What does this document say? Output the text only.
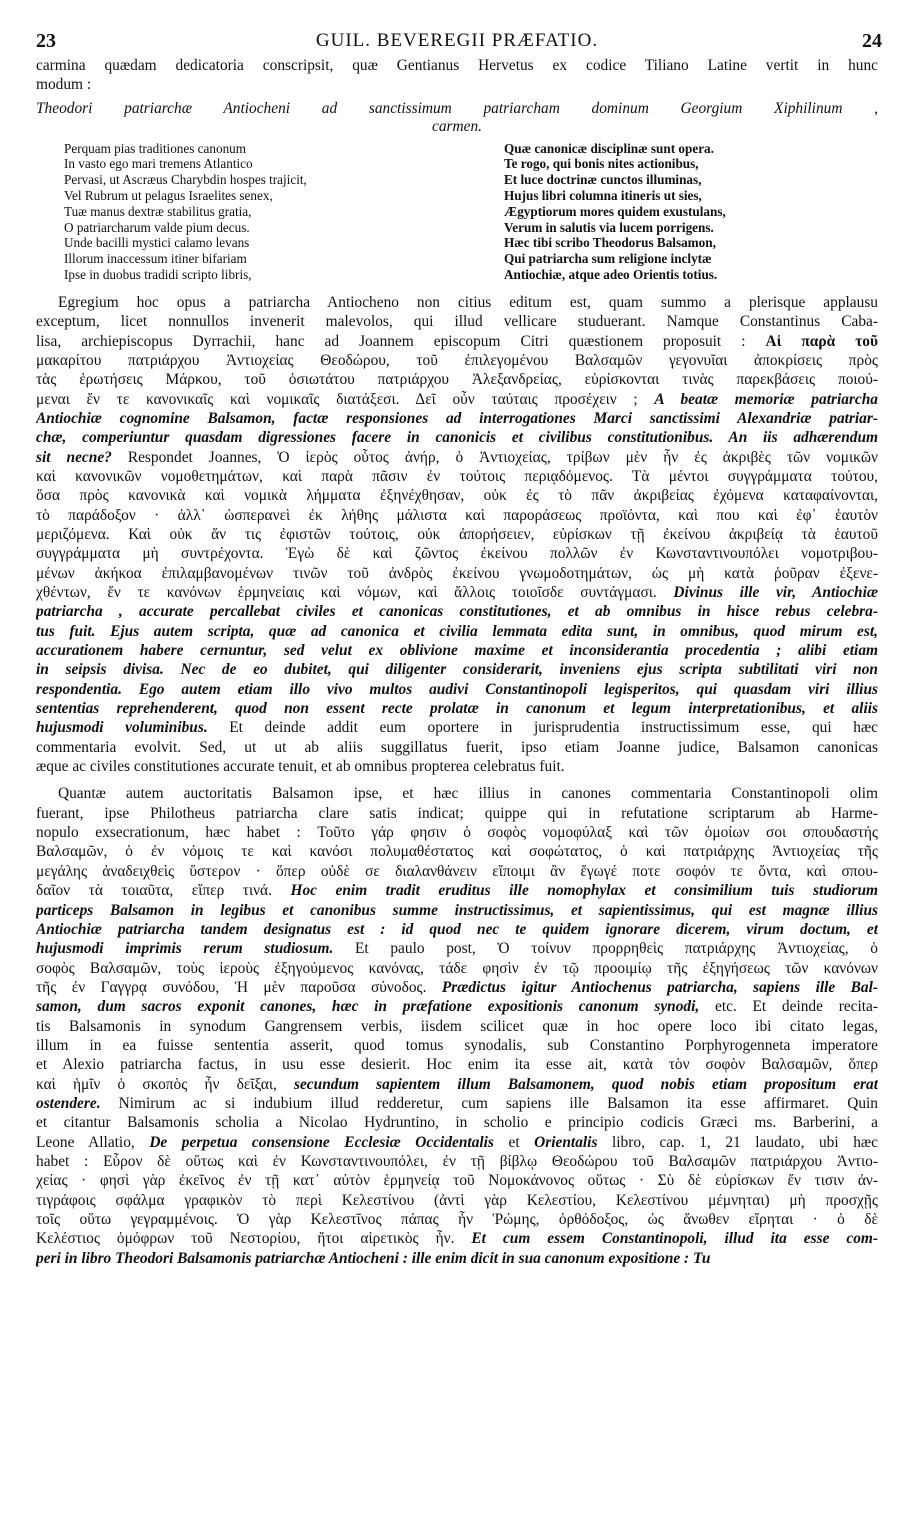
23	GUIL. BEVEREGII PRÆFATIO.	24
carmina quædam dedicatoria conscripsit, quæ Gentianus Hervetus ex codice Tiliano Latine vertit in hunc
modum :
Theodori patriarchæ Antiocheni ad sanctissimum patriarcham dominum Georgium Xiphilinum ,
carmen.
Perquam pias traditiones canonum
In vasto ego mari tremens Atlantico
Pervasi, ut Ascræus Charybdin hospes trajicit,
Vel Rubrum ut pelagus Israelites senex,
Tuæ manus dextræ stabilitus gratia,
O patriarcharum valde pium decus.
Unde bacilli mystici calamo levans
Illorum inaccessum itiner bifariam
Ipse in duobus tradidi scripto libris,
Quæ canonicæ disciplinæ sunt opera.
Te rogo, qui bonis nites actionibus,
Et luce doctrinæ cunctos illuminas,
Hujus libri columna itineris ut sies,
Ægyptiorum mores quidem exustulans,
Verum in salutis via lucem porrigens.
Hæc tibi scribo Theodorus Balsamon,
Qui patriarcha sum religione inclytæ
Antiochiæ, atque adeo Orientis totius.
Egregium hoc opus a patriarcha Antiocheno non citius editum est, quam summo a plerisque applausu
exceptum, licet nonnullos invenerit malevolos, qui illud vellicare studuerant. Namque Constantinus Caba-
lisa, archiepiscopus Dyrrachii, hanc ad Joannem episcopum Citri quæstionem proposuit : Αἱ παρὰ τοῦ
μακαρίτου πατριάρχου Ἀντιοχείας Θεοδώρου, τοῦ ἐπιλεγομένου Βαλσαμῶν γεγονυῖαι ἀποκρίσεις πρὸς
τὰς ἐρωτήσεις Μάρκου, τοῦ ὁσιωτάτου πατριάρχου Ἀλεξανδρείας, εὑρίσκονται τινὰς παρεκβάσεις ποιού-
μεναι ἔν τε κανονικαῖς καὶ νομικαῖς διατάξεσι. Δεῖ οὖν ταύταις προσέχειν ; A beatæ memoriæ patriarcha
Antiochiæ cognomine Balsamon, factæ responsiones ad interrogationes Marci sanctissimi Alexandriæ patriar-
chæ, comperiuntur quasdam digressiones facere in canonicis et civilibus constitutionibus. An iis adhærendum
sit necne? Respondet Joannes, Ὁ ἱερὸς οὗτος ἀνήρ, ὁ Ἀντιοχείας, τρίβων μὲν ἦν ἐς ἀκριβὲς τῶν νομικῶν
καὶ κανονικῶν νομοθετημάτων, καὶ παρὰ πᾶσιν ἐν τούτοις περιᾳδόμενος. Τὰ μέντοι συγγράμματα τούτου,
ὅσα πρὸς κανονικὰ καὶ νομικὰ λήμματα ἐξηνέχθησαν, οὐκ ἐς τὸ πᾶν ἀκριβείας ἐχόμενα καταφαίνονται,
τὸ παράδοξον · ἀλλ᾽ ὡσπερανεὶ ἐκ λήθης μάλιστα καὶ παροράσεως προϊόντα, καὶ που καὶ ἐφ᾽ ἑαυτὸν
μεριζόμενα. Καὶ οὐκ ἄν τις ἐφιστῶν τούτοις, οὐκ ἀπορήσειεν, εὑρίσκων τῇ ἐκείνου ἀκριβείᾳ τὰ ἑαυτοῦ
συγγράμματα μὴ συντρέχοντα. Ἐγὼ δὲ καὶ ζῶντος ἐκείνου πολλῶν ἐν Κωνσταντινουπόλει νομοτριβου-
μένων ἀκήκοα ἐπιλαμβανομένων τινῶν τοῦ ἀνδρὸς ἐκείνου γνωμοδοτημάτων, ὡς μὴ κατὰ ῥοῦραν ἐξενε-
χθέντων, ἔν τε κανόνων ἑρμηνείαις καὶ νόμων, καὶ ἄλλοις τοιοῖσδε συντάγμασι. Divinus ille vir, Antiochiæ
patriarcha , accurate percallebat civiles et canonicas constitutiones, et ab omnibus in hisce rebus celebra-
tus fuit. Ejus autem scripta, quæ ad canonica et civilia lemmata edita sunt, in omnibus, quod mirum est,
accurationem habere cernuntur, sed velut ex oblivione maxime et inconsiderantia procedentia ; alibi etiam
in seipsis divisa. Nec de eo dubitet, qui diligenter considerarit, inveniens ejus scripta subtilitati viri non
respondentia. Ego autem etiam illo vivo multos audivi Constantinopoli legisperitos, qui quasdam viri illius
sententias reprehenderent, quod non essent recte prolatæ in canonum et legum interpretationibus, et aliis
hujusmodi voluminibus. Et deinde addit eum oportere in jurisprudentia instructissimum esse, qui hæc
commentaria evolvit. Sed, ut ut ab aliis suggillatus fuerit, ipso etiam Joanne judice, Balsamon canonicas
æque ac civiles constitutiones accurate tenuit, et ab omnibus propterea celebratus fuit.
Quantæ autem auctoritatis Balsamon ipse, et hæc illius in canones commentaria Constantinopoli olim
fuerant, ipse Philotheus patriarcha clare satis indicat; quippe qui in refutatione scriptarum ab Harme-
nopulo exsecrationum, hæc habet : Τοῦτο γάρ φησιν ὁ σοφὸς νομοφύλαξ καὶ τῶν ὁμοίων σοι σπουδαστής
Βαλσαμῶν, ὁ ἐν νόμοις τε καὶ κανόσι πολυμαθέστατος καὶ σοφώτατος, ὁ καὶ πατριάρχης Ἀντιοχείας τῆς
μεγάλης ἀναδειχθεὶς ὕστερον · ὅπερ οὐδὲ σε διαλανθάνειν εἴποιμι ἂν ἔγωγέ ποτε σοφόν τε ὄντα, καὶ σπου-
δαῖον τὰ τοιαῦτα, εἴπερ τινά. Hoc enim tradit eruditus ille nomophylax et consimilium tuis studiorum
particeps Balsamon in legibus et canonibus summe instructissimus, et sapientissimus, qui est magnæ illius
Antiochiæ patriarcha tandem designatus est : id quod nec te quidem ignorare dicerem, virum doctum, et
hujusmodi imprimis rerum studiosum. Et paulo post, Ὁ τοίνυν προρρηθεὶς πατριάρχης Ἀντιοχείας, ὁ
σοφὸς Βαλσαμῶν, τοὺς ἱεροὺς ἐξηγούμενος κανόνας, τάδε φησὶν ἐν τῷ προοιμίῳ τῆς ἐξηγήσεως τῶν κανόνων
τῆς ἐν Γαγγρᾳ συνόδου, Ἡ μὲν παροῦσα σύνοδος. Prædictus igitur Antiochenus patriarcha, sapiens ille Bal-
samon, dum sacros exponit canones, hæc in præfatione expositionis canonum synodi, etc. Et deinde recita-
tis Balsamonis in synodum Gangrensem verbis, iisdem scilicet quæ in hoc opere loco ibi citato legas,
illum in ea fuisse sententia asserit, quod tomus synodalis, sub Constantino Porphyrogenneta imperatore
et Alexio patriarcha factus, in usu esse desierit. Hoc enim ita esse ait, κατὰ τὸν σοφὸν Βαλσαμῶν, ὅπερ
καὶ ἡμῖν ὁ σκοπὸς ἦν δεῖξαι, secundum sapientem illum Balsamonem, quod nobis etiam propositum erat
ostendere. Nimirum ac si indubium illud redderetur, cum sapiens ille Balsamon ita esse affirmaret. Quin
et citantur Balsamonis scholia a Nicolao Hydruntino, in scholio e principio codicis Græci ms. Barberini, a
Leone Allatio, De perpetua consensione Ecclesiæ Occidentalis et Orientalis libro, cap. 1, 21 laudato, ubi hæc
habet : Εὗρον δὲ οὕτως καὶ ἐν Κωνσταντινουπόλει, ἐν τῇ βίβλῳ Θεοδώρου τοῦ Βαλσαμῶν πατριάρχου Ἀντιο-
χείας · φησὶ γὰρ ἐκεῖνος ἐν τῇ κατ᾽ αὐτὸν ἑρμηνείᾳ τοῦ Νομοκάνονος οὕτως · Σὺ δὲ εὑρίσκων ἔν τισιν ἀν-
τιγράφοις σφάλμα γραφικὸν τὸ περὶ Κελεστίνου (ἀντὶ γὰρ Κελεστίου, Κελεστίνου μέμνηται) μὴ προσχῇς
τοῖς οὕτω γεγραμμένοις. Ὁ γὰρ Κελεστῖνος πάπας ἦν Ῥώμης, ὀρθόδοξος, ὡς ἄνωθεν εἴρηται · ὁ δὲ
Κελέστιος ὁμόφρων τοῦ Νεστορίου, ἤτοι αἱρετικὸς ἦν. Et cum essem Constantinopoli, illud ita esse com-
peri in libro Theodori Balsamonis patriarchæ Antiocheni : ille enim dicit in sua canonum expositione : Tu
